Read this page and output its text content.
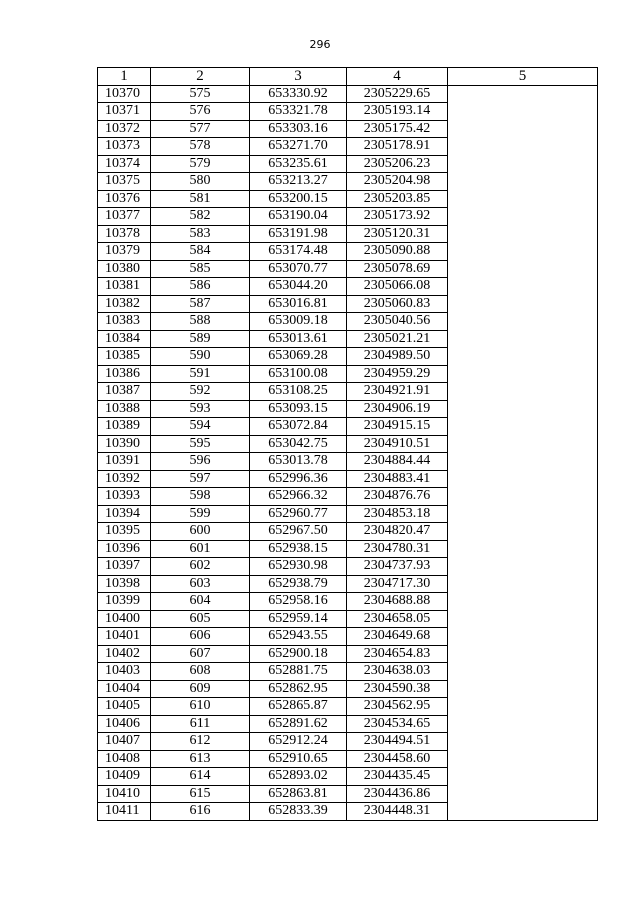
296
1	2	3	4	5
10370	575	653330.92	2305229.65	
10371	576	653321.78	2305193.14	
10372	577	653303.16	2305175.42	
10373	578	653271.70	2305178.91	
10374	579	653235.61	2305206.23	
10375	580	653213.27	2305204.98	
10376	581	653200.15	2305203.85	
10377	582	653190.04	2305173.92	
10378	583	653191.98	2305120.31	
10379	584	653174.48	2305090.88	
10380	585	653070.77	2305078.69	
10381	586	653044.20	2305066.08	
10382	587	653016.81	2305060.83	
10383	588	653009.18	2305040.56	
10384	589	653013.61	2305021.21	
10385	590	653069.28	2304989.50	
10386	591	653100.08	2304959.29	
10387	592	653108.25	2304921.91	
10388	593	653093.15	2304906.19	
10389	594	653072.84	2304915.15	
10390	595	653042.75	2304910.51	
10391	596	653013.78	2304884.44	
10392	597	652996.36	2304883.41	
10393	598	652966.32	2304876.76	
10394	599	652960.77	2304853.18	
10395	600	652967.50	2304820.47	
10396	601	652938.15	2304780.31	
10397	602	652930.98	2304737.93	
10398	603	652938.79	2304717.30	
10399	604	652958.16	2304688.88	
10400	605	652959.14	2304658.05	
10401	606	652943.55	2304649.68	
10402	607	652900.18	2304654.83	
10403	608	652881.75	2304638.03	
10404	609	652862.95	2304590.38	
10405	610	652865.87	2304562.95	
10406	611	652891.62	2304534.65	
10407	612	652912.24	2304494.51	
10408	613	652910.65	2304458.60	
10409	614	652893.02	2304435.45	
10410	615	652863.81	2304436.86	
10411	616	652833.39	2304448.31	
